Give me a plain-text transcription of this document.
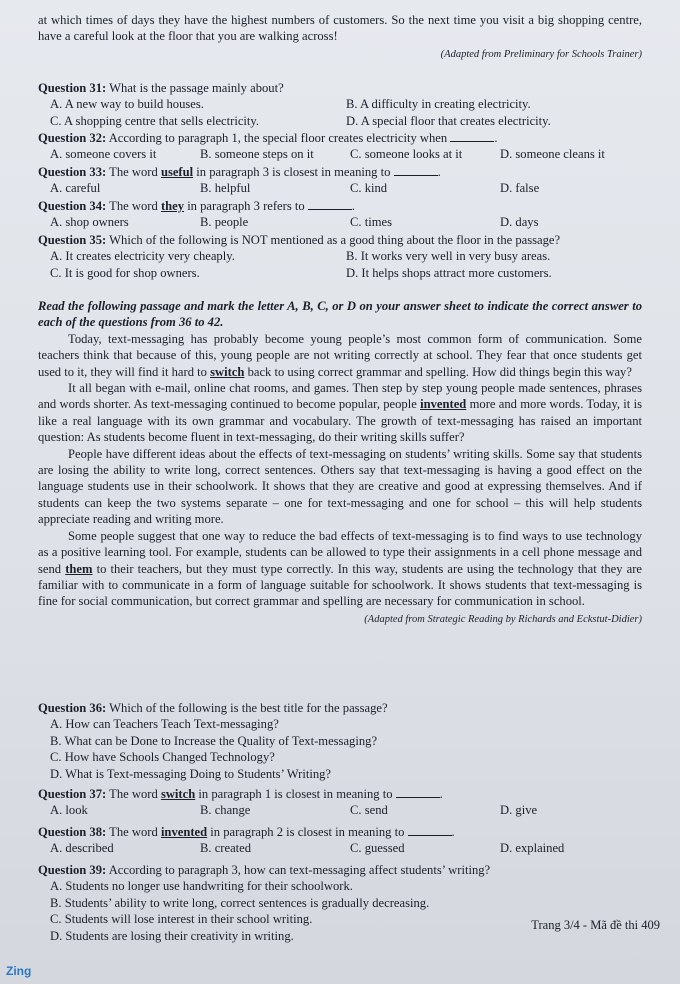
at which times of days they have the highest numbers of customers. So the next time you visit a big shopping centre, have a careful look at the floor that you are walking across!

(Adapted from Preliminary for Schools Trainer)

Question 31: What is the passage mainly about?

A. A new way to build houses.	B. A difficulty in creating electricity.
C. A shopping centre that sells electricity.	D. A special floor that creates electricity.

Question 32: According to paragraph 1, the special floor creates electricity when	.

A. someone covers it	B. someone steps on it	C. someone looks at it	D. someone cleans it

Question 33: The word useful in paragraph 3 is closest in meaning to	.

A. careful	B. helpful	C. kind	D. false

Question 34: The word they in paragraph 3 refers to	.

A. shop owners	B. people	C. times	D. days

Question 35: Which of the following is NOT mentioned as a good thing about the floor in the passage?

A. It creates electricity very cheaply.	B. It works very well in very busy areas.
C. It is good for shop owners.	D. It helps shops attract more customers.

Read the following passage and mark the letter A, B, C, or D on your answer sheet to indicate the correct answer to each of the questions from 36 to 42.

Today, text-messaging has probably become young people’s most common form of communication. Some teachers think that because of this, young people are not writing correctly at school. They fear that once students get used to it, they will find it hard to switch back to using correct grammar and spelling. How did things begin this way?

It all began with e-mail, online chat rooms, and games. Then step by step young people made sentences, phrases and words shorter. As text-messaging continued to become popular, people invented more and more words. Today, it is like a real language with its own grammar and vocabulary. The growth of text-messaging has raised an important question: As students become fluent in text-messaging, do their writing skills suffer?

People have different ideas about the effects of text-messaging on students’ writing skills. Some say that students are losing the ability to write long, correct sentences. Others say that text-messaging is having a good effect on the language students use in their schoolwork. It shows that they are creative and good at expressing themselves. And if students can keep the two systems separate – one for text-messaging and one for school – this will help students appreciate reading and writing more.

Some people suggest that one way to reduce the bad effects of text-messaging is to find ways to use technology as a positive learning tool. For example, students can be allowed to type their assignments in a cell phone message and send them to their teachers, but they must type correctly. In this way, students are using the technology that they are familiar with to communicate in a form of language suitable for schoolwork. It shows students that text-messaging is fine for social communication, but correct grammar and spelling are necessary for communication in school.

(Adapted from Strategic Reading by Richards and Eckstut-Didier)

Question 36: Which of the following is the best title for the passage?

A. How can Teachers Teach Text-messaging?
B. What can be Done to Increase the Quality of Text-messaging?
C. How have Schools Changed Technology?
D. What is Text-messaging Doing to Students’ Writing?

Question 37: The word switch in paragraph 1 is closest in meaning to	.

A. look	B. change	C. send	D. give

Question 38: The word invented in paragraph 2 is closest in meaning to	.

A. described	B. created	C. guessed	D. explained

Question 39: According to paragraph 3, how can text-messaging affect students’ writing?

A. Students no longer use handwriting for their schoolwork.
B. Students’ ability to write long, correct sentences is gradually decreasing.
C. Students will lose interest in their school writing.
D. Students are losing their creativity in writing.
Trang 3/4 - Mã đề thi 409
Zing
